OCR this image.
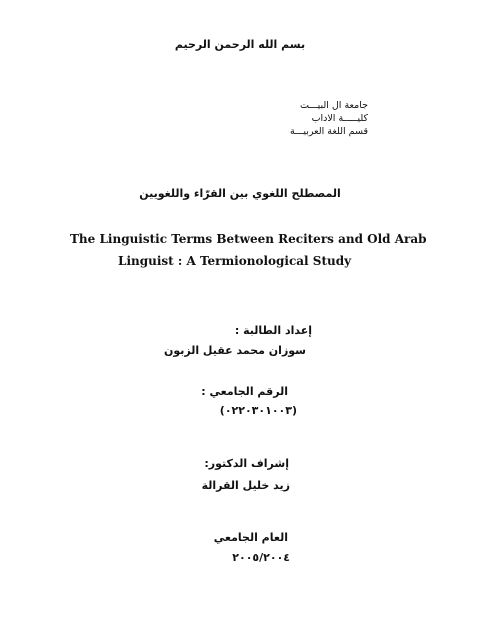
بسم الله الرحمن الرحيم
جامعة ال البيـــت
كليـــــة الاداب
قسم اللغة العربيـــة
المصطلح اللغوي بين القرّاء واللغويين
The Linguistic Terms Between Reciters and Old Arab
Linguist : A Termionological Study
إعداد الطالبة :
سوزان محمد عقيل الزبون
الرقم الجامعي :
(٠٢٢٠٣٠١٠٠٣)
إشراف الدكتور:
زيد خليل القرالة
العام الجامعي
٢٠٠٥/٢٠٠٤
